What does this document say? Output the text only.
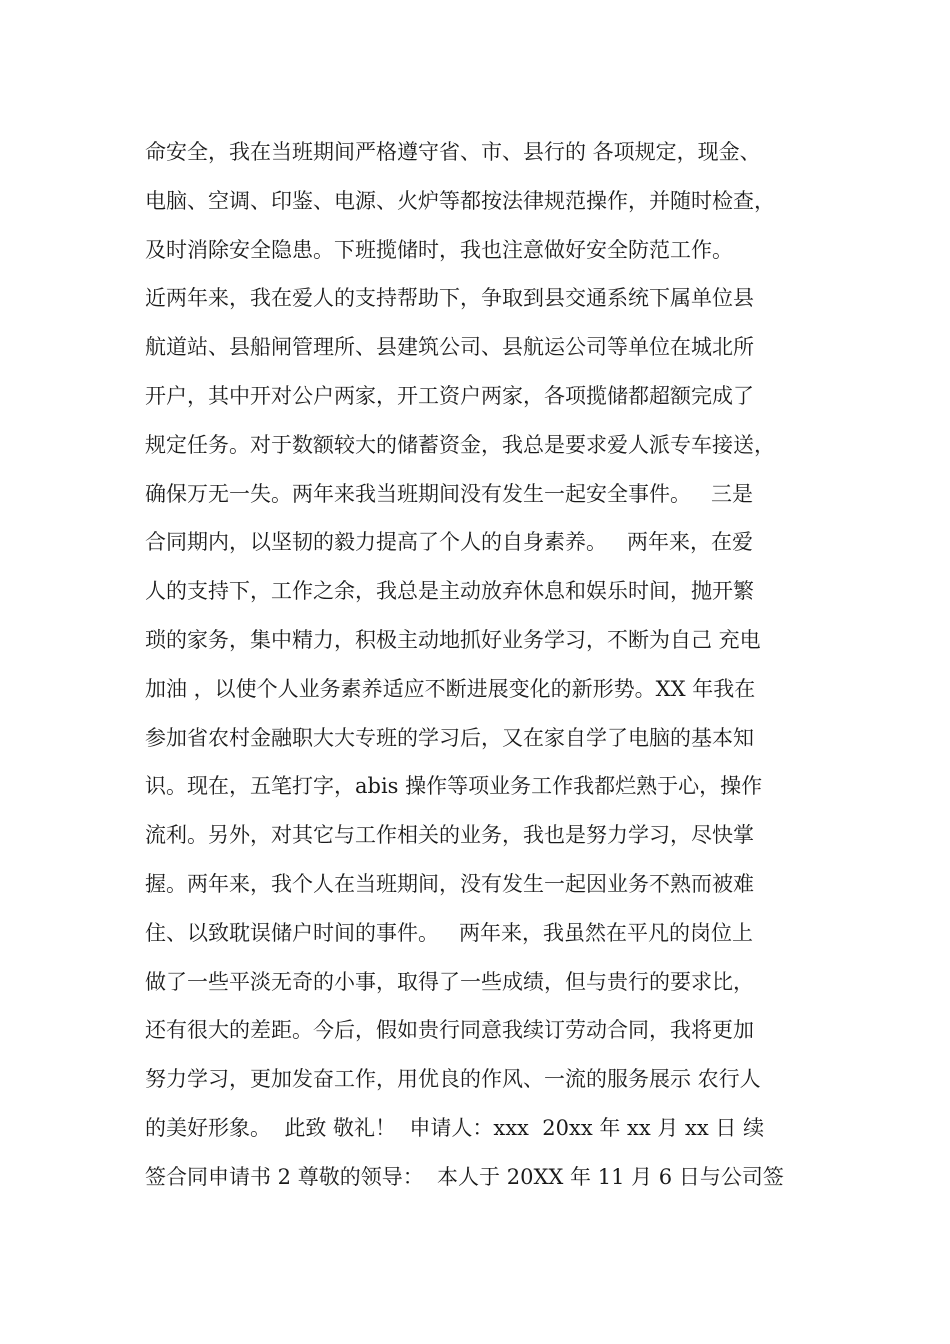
命安全，我在当班期间严格遵守省、市、县行的 各项规定，现金、
电脑、空调、印鉴、电源、火炉等都按法律规范操作，并随时检查，
及时消除安全隐患。下班揽储时，我也注意做好安全防范工作。
近两年来，我在爱人的支持帮助下，争取到县交通系统下属单位县
航道站、县船闸管理所、县建筑公司、县航运公司等单位在城北所
开户，其中开对公户两家，开工资户两家，各项揽储都超额完成了
规定任务。对于数额较大的储蓄资金，我总是要求爱人派专车接送，
确保万无一失。两年来我当班期间没有发生一起安全事件。   三是
合同期内，以坚韧的毅力提高了个人的自身素养。   两年来，在爱
人的支持下，工作之余，我总是主动放弃休息和娱乐时间，抛开繁
琐的家务，集中精力，积极主动地抓好业务学习，不断为自己 充电
加油 ，以使个人业务素养适应不断进展变化的新形势。XX 年我在
参加省农村金融职大大专班的学习后，又在家自学了电脑的基本知
识。现在，五笔打字，abis 操作等项业务工作我都烂熟于心，操作
流利。另外，对其它与工作相关的业务，我也是努力学习，尽快掌
握。两年来，我个人在当班期间，没有发生一起因业务不熟而被难
住、以致耽误储户时间的事件。   两年来，我虽然在平凡的岗位上
做了一些平淡无奇的小事，取得了一些成绩，但与贵行的要求比，
还有很大的差距。今后，假如贵行同意我续订劳动合同，我将更加
努力学习，更加发奋工作，用优良的作风、一流的服务展示 农行人
的美好形象。  此致 敬礼！  申请人：xxx  20xx 年 xx 月 xx 日 续
签合同申请书 2 尊敬的领导：  本人于 20XX 年 11 月 6 日与公司签
